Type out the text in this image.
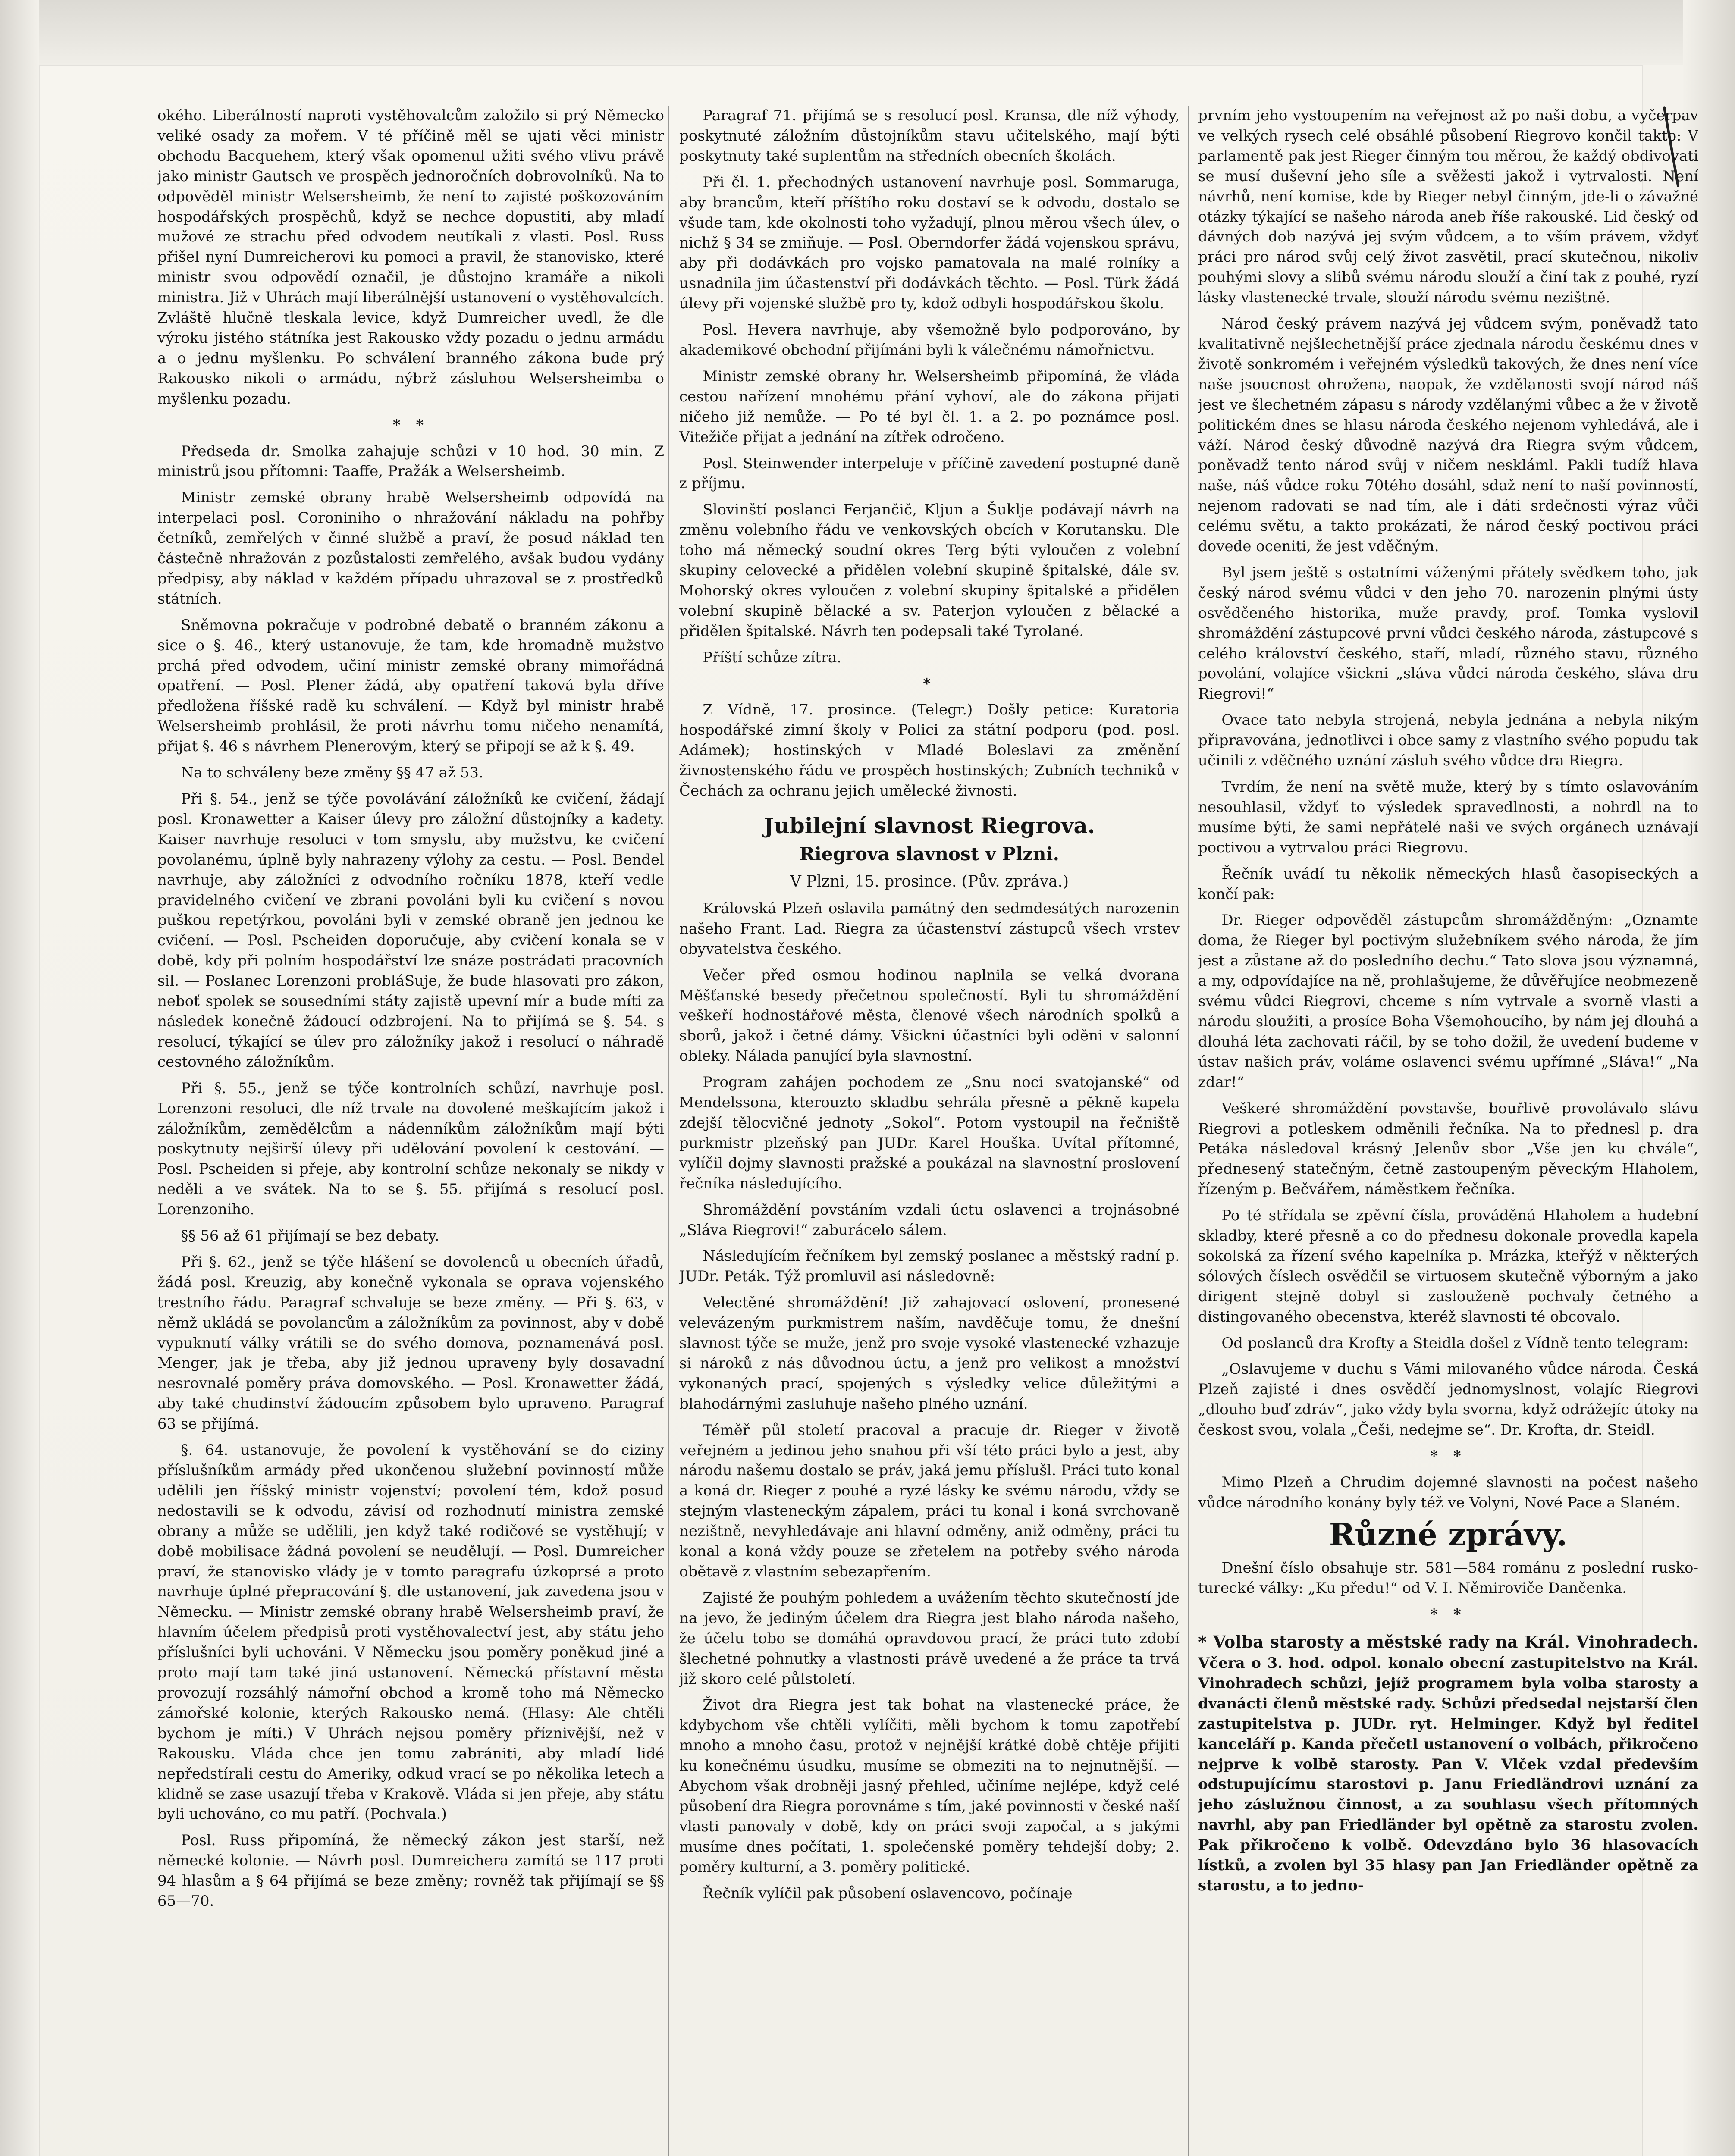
okého. Liberálností naproti vystěhovalcům založilo si prý Německo veliké osady za mořem. V té příčině měl se ujati věci ministr obchodu Bacquehem, který však opomenul užiti svého vlivu právě jako ministr Gautsch ve prospěch jednoročních dobrovolníků. Na to odpověděl ministr Welsersheimb, že není to zajisté poškozováním hospodářských prospěchů, když se nechce dopustiti, aby mladí mužové ze strachu před odvodem neutíkali z vlasti. Posl. Russ přišel nyní Dumreicherovi ku pomoci a pravil, že stanovisko, které ministr svou odpovědí označil, je důstojno kramáře a nikoli ministra. Již v Uhrách mají liberálnější ustanovení o vystěhovalcích. Zvláště hlučně tleskala levice, když Dumreicher uvedl, že dle výroku jistého státníka jest Rakousko vždy pozadu o jednu armádu a o jednu myšlenku. Po schválení branného zákona bude prý Rakousko nikoli o armádu, nýbrž zásluhou Welsersheimba o myšlenku pozadu.

* *

Předseda dr. Smolka zahajuje schůzi v 10 hod. 30 min. Z ministrů jsou přítomni: Taaffe, Pražák a Welsersheimb.

Ministr zemské obrany hrabě Welsersheimb odpovídá na interpelaci posl. Coroniniho o nhražování nákladu na pohřby četníků, zemřelých v činné službě a praví, že posud náklad ten částečně nhražován z pozůstalosti zemřelého, avšak budou vydány předpisy, aby náklad v každém případu uhrazoval se z prostředků státních.

Sněmovna pokračuje v podrobné debatě o branném zákonu a sice o §. 46., který ustanovuje, že tam, kde hromadně mužstvo prchá před odvodem, učiní ministr zemské obrany mimořádná opatření. — Posl. Plener žádá, aby opatření taková byla dříve předložena říšské radě ku schválení. — Když byl ministr hrabě Welsersheimb prohlásil, že proti návrhu tomu ničeho nenamítá, přijat §. 46 s návrhem Plenerovým, který se připojí se až k §. 49.

Na to schváleny beze změny §§ 47 až 53.

Při §. 54., jenž se týče povolávání záložníků ke cvičení, žádají posl. Kronawetter a Kaiser úlevy pro záložní důstojníky a kadety. Kaiser navrhuje resoluci v tom smyslu, aby mužstvu, ke cvičení povolanému, úplně byly nahrazeny výlohy za cestu. — Posl. Bendel navrhuje, aby záložníci z odvodního ročníku 1878, kteří vedle pravidelného cvičení ve zbrani povoláni byli ku cvičení s novou puškou repetýrkou, povoláni byli v zemské obraně jen jednou ke cvičení. — Posl. Pscheiden doporučuje, aby cvičení konala se v době, kdy při polním hospodářství lze snáze postrádati pracovních sil. — Poslanec Lorenzoni probláSuje, že bude hlasovati pro zákon, neboť spolek se sousedními státy zajistě upevní mír a bude míti za následek konečně žádoucí odzbrojení. Na to přijímá se §. 54. s resolucí, týkající se úlev pro záložníky jakož i resolucí o náhradě cestovného záložníkům.

Při §. 55., jenž se týče kontrolních schůzí, navrhuje posl. Lorenzoni resoluci, dle níž trvale na dovolené meškajícím jakož i záložníkům, zemědělcům a nádenníkům záložníkům mají býti poskytnuty nejširší úlevy při udělování povolení k cestování. — Posl. Pscheiden si přeje, aby kontrolní schůze nekonaly se nikdy v neděli a ve svátek. Na to se §. 55. přijímá s resolucí posl. Lorenzoniho.

§§ 56 až 61 přijímají se bez debaty.

Při §. 62., jenž se týče hlášení se dovolenců u obecních úřadů, žádá posl. Kreuzig, aby konečně vykonala se oprava vojenského trestního řádu. Paragraf schvaluje se beze změny. — Při §. 63, v němž ukládá se povolancům a záložníkům za povinnost, aby v době vypuknutí války vrátili se do svého domova, poznamenává posl. Menger, jak je třeba, aby již jednou upraveny byly dosavadní nesrovnalé poměry práva domovského. — Posl. Kronawetter žádá, aby také chudinství žádoucím způsobem bylo upraveno. Paragraf 63 se přijímá.

§. 64. ustanovuje, že povolení k vystěhování se do ciziny příslušníkům armády před ukončenou služební povinností může udělili jen říšský ministr vojenství; povolení tém, kdož posud nedostavili se k odvodu, závisí od rozhodnutí ministra zemské obrany a může se udělili, jen když také rodičové se vystěhují; v době mobilisace žádná povolení se neudělují. — Posl. Dumreicher praví, že stanovisko vlády je v tomto paragrafu úzkoprsé a proto navrhuje úplné přepracování §. dle ustanovení, jak zavedena jsou v Německu. — Ministr zemské obrany hrabě Welsersheimb praví, že hlavním účelem předpisů proti vystěhovalectví jest, aby státu jeho příslušníci byli uchováni. V Německu jsou poměry poněkud jiné a proto mají tam také jiná ustanovení. Německá přístavní města provozují rozsáhlý námořní obchod a kromě toho má Německo zámořské kolonie, kterých Rakousko nemá. (Hlasy: Ale chtěli bychom je míti.) V Uhrách nejsou poměry příznivější, než v Rakousku. Vláda chce jen tomu zabrániti, aby mladí lidé nepředstírali cestu do Ameriky, odkud vrací se po několika letech a klidně se zase usazují třeba v Krakově. Vláda si jen přeje, aby státu byli uchováno, co mu patří. (Pochvala.)

Posl. Russ připomíná, že německý zákon jest starší, než německé kolonie. — Návrh posl. Dumreichera zamítá se 117 proti 94 hlasům a § 64 přijímá se beze změny; rovněž tak přijímají se §§ 65—70.

Paragraf 71. přijímá se s resolucí posl. Kransa, dle níž výhody, poskytnuté záložním důstojníkům stavu učitelského, mají býti poskytnuty také suplentům na středních obecních školách.

Při čl. 1. přechodných ustanovení navrhuje posl. Sommaruga, aby brancům, kteří příštího roku dostaví se k odvodu, dostalo se všude tam, kde okolnosti toho vyžadují, plnou měrou všech úlev, o nichž § 34 se zmiňuje. — Posl. Oberndorfer žádá vojenskou správu, aby při dodávkách pro vojsko pamatovala na malé rolníky a usnadnila jim účastenství při dodávkách těchto. — Posl. Türk žádá úlevy při vojenské službě pro ty, kdož odbyli hospodářskou školu.

Posl. Hevera navrhuje, aby všemožně bylo podporováno, by akademikové obchodní přijímáni byli k válečnému námořnictvu.

Ministr zemské obrany hr. Welsersheimb připomíná, že vláda cestou nařízení mnohému přání vyhoví, ale do zákona přijati ničeho již nemůže. — Po té byl čl. 1. a 2. po poznámce posl. Vitežiče přijat a jednání na zítřek odročeno.

Posl. Steinwender interpeluje v příčině zavedení postupné daně z příjmu.

Slovinští poslanci Ferjančič, Kljun a Šuklje podávají návrh na změnu volebního řádu ve venkovských obcích v Korutansku. Dle toho má německý soudní okres Terg býti vyloučen z volební skupiny celovecké a přidělen volební skupině špitalské, dále sv. Mohorský okres vyloučen z volební skupiny špitalské a přidělen volební skupině bělacké a sv. Paterjon vyloučen z bělacké a přidělen špitalské. Návrh ten podepsali také Tyrolané.

Příští schůze zítra.

*

Z Vídně, 17. prosince. (Telegr.) Došly petice: Kuratoria hospodářské zimní školy v Polici za státní podporu (pod. posl. Adámek); hostinských v Mladé Boleslavi za změnění živnostenského řádu ve prospěch hostinských; Zubních techniků v Čechách za ochranu jejich umělecké živnosti.

Jubilejní slavnost Riegrova.
Riegrova slavnost v Plzni.
V Plzni, 15. prosince. (Pův. zpráva.)

Královská Plzeň oslavila památný den sedmdesátých narozenin našeho Frant. Lad. Riegra za účastenství zástupců všech vrstev obyvatelstva českého.

Večer před osmou hodinou naplnila se velká dvorana Měšťanské besedy přečetnou společností. Byli tu shromáždění veškeří hodnostářové města, členové všech národních spolků a sborů, jakož i četné dámy. Všickni účastníci byli oděni v salonní obleky. Nálada panující byla slavnostní.

Program zahájen pochodem ze „Snu noci svatojanské“ od Mendelssona, kterouzto skladbu sehrála přesně a pěkně kapela zdejší tělocvičné jednoty „Sokol“. Potom vystoupil na řečniště purkmistr plzeňský pan JUDr. Karel Houška. Uvítal přítomné, vylíčil dojmy slavnosti pražské a poukázal na slavnostní proslovení řečníka následujícího.

Shromáždění povstáním vzdali úctu oslavenci a trojnásobné „Sláva Riegrovi!“ zaburácelo sálem.

Následujícím řečníkem byl zemský poslanec a městský radní p. JUDr. Peták. Týž promluvil asi následovně:

Velectěné shromáždění! Již zahajovací oslovení, pronesené velevázeným purkmistrem naším, navděčuje tomu, že dnešní slavnost týče se muže, jenž pro svoje vysoké vlastenecké vzhazuje si nároků z nás důvodnou úctu, a jenž pro velikost a množství vykonaných prací, spojených s výsledky velice důležitými a blahodárnými zasluhuje našeho plného uznání.

Téměř půl století pracoval a pracuje dr. Rieger v životě veřejném a jedinou jeho snahou při vší této práci bylo a jest, aby národu našemu dostalo se práv, jaká jemu příslušl. Práci tuto konal a koná dr. Rieger z pouhé a ryzé lásky ke svému národu, vždy se stejným vlasteneckým zápalem, práci tu konal i koná svrchovaně nezištně, nevyhledávaje ani hlavní odměny, aniž odměny, práci tu konal a koná vždy pouze se zřetelem na potřeby svého národa obětavě z vlastním sebezapřením.

Zajisté že pouhým pohledem a uvážením těchto skutečností jde na jevo, že jediným účelem dra Riegra jest blaho národa našeho, že účelu tobo se domáhá opravdovou prací, že práci tuto zdobí šlechetné pohnutky a vlastnosti právě uvedené a že práce ta trvá již skoro celé půlstoletí.

Život dra Riegra jest tak bohat na vlastenecké práce, že kdybychom vše chtěli vylíčiti, měli bychom k tomu zapotřebí mnoho a mnoho času, protož v nejnější krátké době chtěje přijiti ku konečnému úsudku, musíme se obmeziti na to nejnutnější. — Abychom však drobněji jasný přehled, učiníme nejlépe, když celé působení dra Riegra porovnáme s tím, jaké povinnosti v české naší vlasti panovaly v době, kdy on práci svoji započal, a s jakými musíme dnes počítati, 1. společenské poměry tehdejší doby; 2. poměry kulturní, a 3. poměry politické.

Řečník vylíčil pak působení oslavencovo, počínaje

prvním jeho vystoupením na veřejnost až po naši dobu, a vyčerpav ve velkých rysech celé obsáhlé působení Riegrovo končil takto: V parlamentě pak jest Rieger činným tou měrou, že každý obdivovati se musí duševní jeho síle a svěžesti jakož i vytrvalosti. Není návrhů, není komise, kde by Rieger nebyl činným, jde-li o závažné otázky týkající se našeho národa aneb říše rakouské. Lid český od dávných dob nazývá jej svým vůdcem, a to vším právem, vždyť práci pro národ svůj celý život zasvětil, prací skutečnou, nikoliv pouhými slovy a slibů svému národu slouží a činí tak z pouhé, ryzí lásky vlastenecké trvale, slouží národu svému nezištně.

Národ český právem nazývá jej vůdcem svým, poněvadž tato kvalitativně nejšlechetnější práce zjednala národu českému dnes v životě sonkromém i veřejném výsledků takových, že dnes není více naše jsoucnost ohrožena, naopak, že vzdělanosti svojí národ náš jest ve šlechetném zápasu s národy vzdělanými vůbec a že v životě politickém dnes se hlasu národa českého nejenom vyhledává, ale i váží. Národ český důvodně nazývá dra Riegra svým vůdcem, poněvadž tento národ svůj v ničem neskláml. Pakli tudíž hlava naše, náš vůdce roku 70tého dosáhl, sdaž není to naší povinností, nejenom radovati se nad tím, ale i dáti srdečnosti výraz vůči celému světu, a takto prokázati, že národ český poctivou práci dovede oceniti, že jest vděčným.

Byl jsem ještě s ostatními váženými přátely svědkem toho, jak český národ svému vůdci v den jeho 70. narozenin plnými ústy osvědčeného historika, muže pravdy, prof. Tomka vyslovil shromáždění zástupcové první vůdci českého národa, zástupcové s celého království českého, staří, mladí, různého stavu, různého povolání, volajíce všickni „sláva vůdci národa českého, sláva dru Riegrovi!“

Ovace tato nebyla strojená, nebyla jednána a nebyla nikým připravována, jednotlivci i obce samy z vlastního svého popudu tak učinili z vděčného uznání zásluh svého vůdce dra Riegra.

Tvrdím, že není na světě muže, který by s tímto oslavováním nesouhlasil, vždyť to výsledek spravedlnosti, a nohrdl na to musíme býti, že sami nepřátelé naši ve svých orgánech uznávají poctivou a vytrvalou práci Riegrovu.

Řečník uvádí tu několik německých hlasů časopiseckých a končí pak:

Dr. Rieger odpověděl zástupcům shromážděným: „Oznamte doma, že Rieger byl poctivým služebníkem svého národa, že jím jest a zůstane až do posledního dechu.“ Tato slova jsou významná, a my, odpovídajíce na ně, prohlašujeme, že důvěřujíce neobmezeně svému vůdci Riegrovi, chceme s ním vytrvale a svorně vlasti a národu sloužiti, a prosíce Boha Všemohoucího, by nám jej dlouhá a dlouhá léta zachovati ráčil, by se toho dožil, že uvedení budeme v ústav našich práv, voláme oslavenci svému upřímné „Sláva!“ „Na zdar!“

Veškeré shromáždění povstavše, bouřlivě provolávalo slávu Riegrovi a potleskem odměnili řečníka. Na to přednesl p. dra Petáka následoval krásný Jelenův sbor „Vše jen ku chvále“, přednesený statečným, četně zastoupeným pěveckým Hlaholem, řízeným p. Bečvářem, náměstkem řečníka.

Po té střídala se zpěvní čísla, prováděná Hlaholem a hudební skladby, které přesně a co do přednesu dokonale provedla kapela sokolská za řízení svého kapelníka p. Mrázka, kteřýž v některých sólových číslech osvědčil se virtuosem skutečně výborným a jako dirigent stejně dobyl si zaslouženě pochvaly četného a distingovaného obecenstva, kteréž slavnosti té obcovalo.

Od poslanců dra Krofty a Steidla došel z Vídně tento telegram:

„Oslavujeme v duchu s Vámi milovaného vůdce národa. Česká Plzeň zajisté i dnes osvědčí jednomyslnost, volajíc Riegrovi „dlouho buď zdráv“, jako vždy byla svorna, když odrážejíc útoky na českost svou, volala „Češi, nedejme se“. Dr. Krofta, dr. Steidl.

* *

Mimo Plzeň a Chrudim dojemné slavnosti na počest našeho vůdce národního konány byly též ve Volyni, Nové Pace a Slaném.

Různé zprávy.

Dnešní číslo obsahuje str. 581—584 románu z poslední rusko-turecké války: „Ku předu!“ od V. I. Němiroviče Dančenka.

* *

* Volba starosty a městské rady na Král. Vinohradech. Včera o 3. hod. odpol. konalo obecní zastupitelstvo na Král. Vinohradech schůzi, jejíž programem byla volba starosty a dvanácti členů městské rady. Schůzi předsedal nejstarší člen zastupitelstva p. JUDr. ryt. Helminger. Když byl ředitel kanceláří p. Kanda přečetl ustanovení o volbách, přikročeno nejprve k volbě starosty. Pan V. Vlček vzdal především odstupujícímu starostovi p. Janu Friedländrovi uznání za jeho záslužnou činnost, a za souhlasu všech přítomných navrhl, aby pan Friedländer byl opětně za starostu zvolen. Pak přikročeno k volbě. Odevzdáno bylo 36 hlasovacích lístků, a zvolen byl 35 hlasy pan Jan Friedländer opětně za starostu, a to jedno-
